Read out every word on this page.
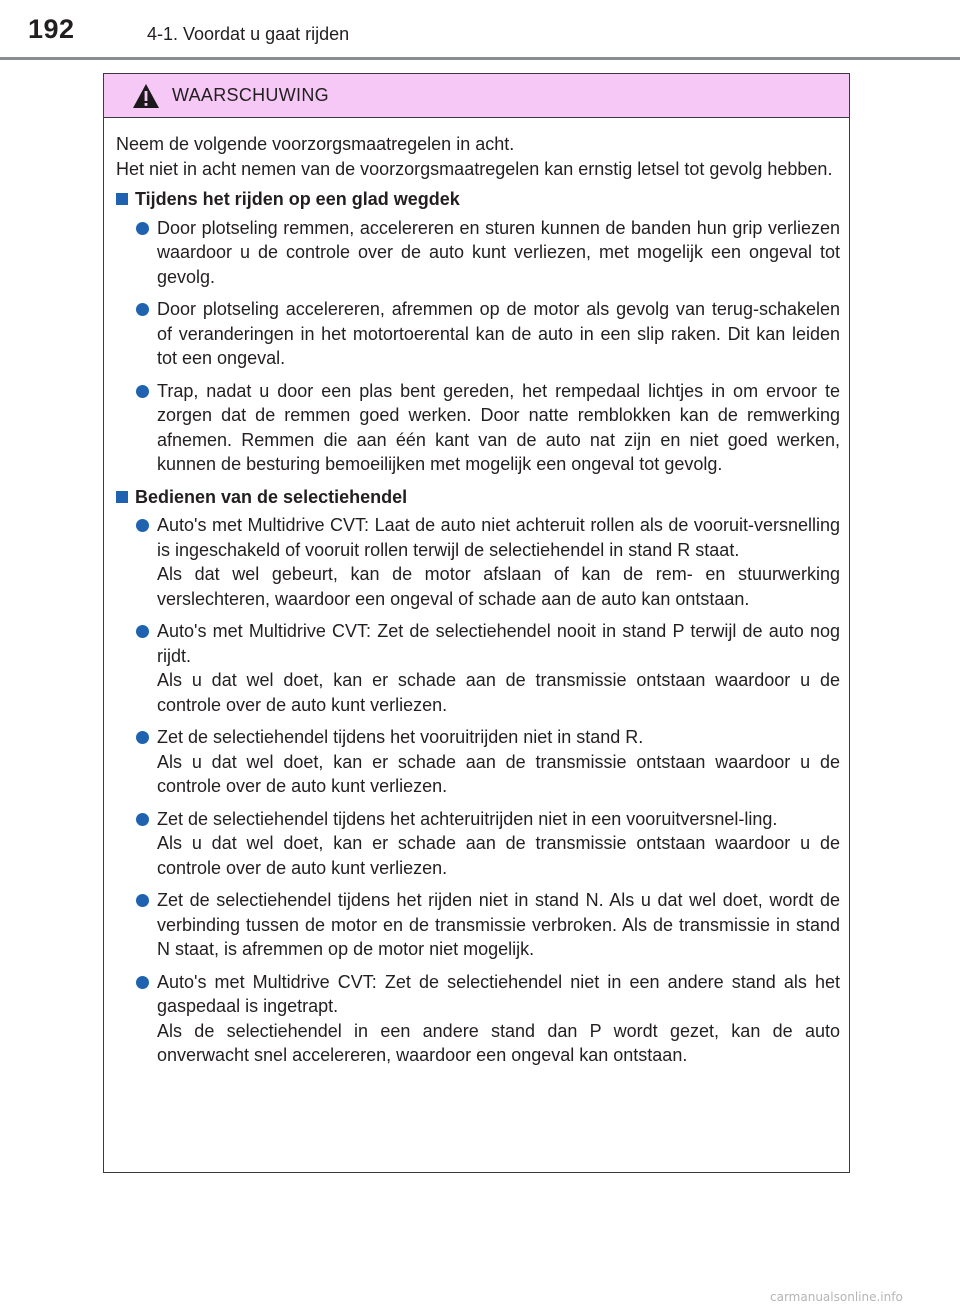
192	4-1. Voordat u gaat rijden
WAARSCHUWING

Neem de volgende voorzorgsmaatregelen in acht.
Het niet in acht nemen van de voorzorgsmaatregelen kan ernstig letsel tot gevolg hebben.

Tijdens het rijden op een glad wegdek

Door plotseling remmen, accelereren en sturen kunnen de banden hun grip verliezen waardoor u de controle over de auto kunt verliezen, met mogelijk een ongeval tot gevolg.

Door plotseling accelereren, afremmen op de motor als gevolg van terug-schakelen of veranderingen in het motortoerental kan de auto in een slip raken. Dit kan leiden tot een ongeval.

Trap, nadat u door een plas bent gereden, het rempedaal lichtjes in om ervoor te zorgen dat de remmen goed werken. Door natte remblokken kan de remwerking afnemen. Remmen die aan één kant van de auto nat zijn en niet goed werken, kunnen de besturing bemoeilijken met mogelijk een ongeval tot gevolg.

Bedienen van de selectiehendel

Auto's met Multidrive CVT: Laat de auto niet achteruit rollen als de vooruit-versnelling is ingeschakeld of vooruit rollen terwijl de selectiehendel in stand R staat.

Als dat wel gebeurt, kan de motor afslaan of kan de rem- en stuurwerking verslechteren, waardoor een ongeval of schade aan de auto kan ontstaan.

Auto's met Multidrive CVT: Zet de selectiehendel nooit in stand P terwijl de auto nog rijdt.

Als u dat wel doet, kan er schade aan de transmissie ontstaan waardoor u de controle over de auto kunt verliezen.

Zet de selectiehendel tijdens het vooruitrijden niet in stand R.

Als u dat wel doet, kan er schade aan de transmissie ontstaan waardoor u de controle over de auto kunt verliezen.

Zet de selectiehendel tijdens het achteruitrijden niet in een vooruitversnel-ling.

Als u dat wel doet, kan er schade aan de transmissie ontstaan waardoor u de controle over de auto kunt verliezen.

Zet de selectiehendel tijdens het rijden niet in stand N. Als u dat wel doet, wordt de verbinding tussen de motor en de transmissie verbroken. Als de transmissie in stand N staat, is afremmen op de motor niet mogelijk.

Auto's met Multidrive CVT: Zet de selectiehendel niet in een andere stand als het gaspedaal is ingetrapt.

Als de selectiehendel in een andere stand dan P wordt gezet, kan de auto onverwacht snel accelereren, waardoor een ongeval kan ontstaan.

carmanualsonline.info
